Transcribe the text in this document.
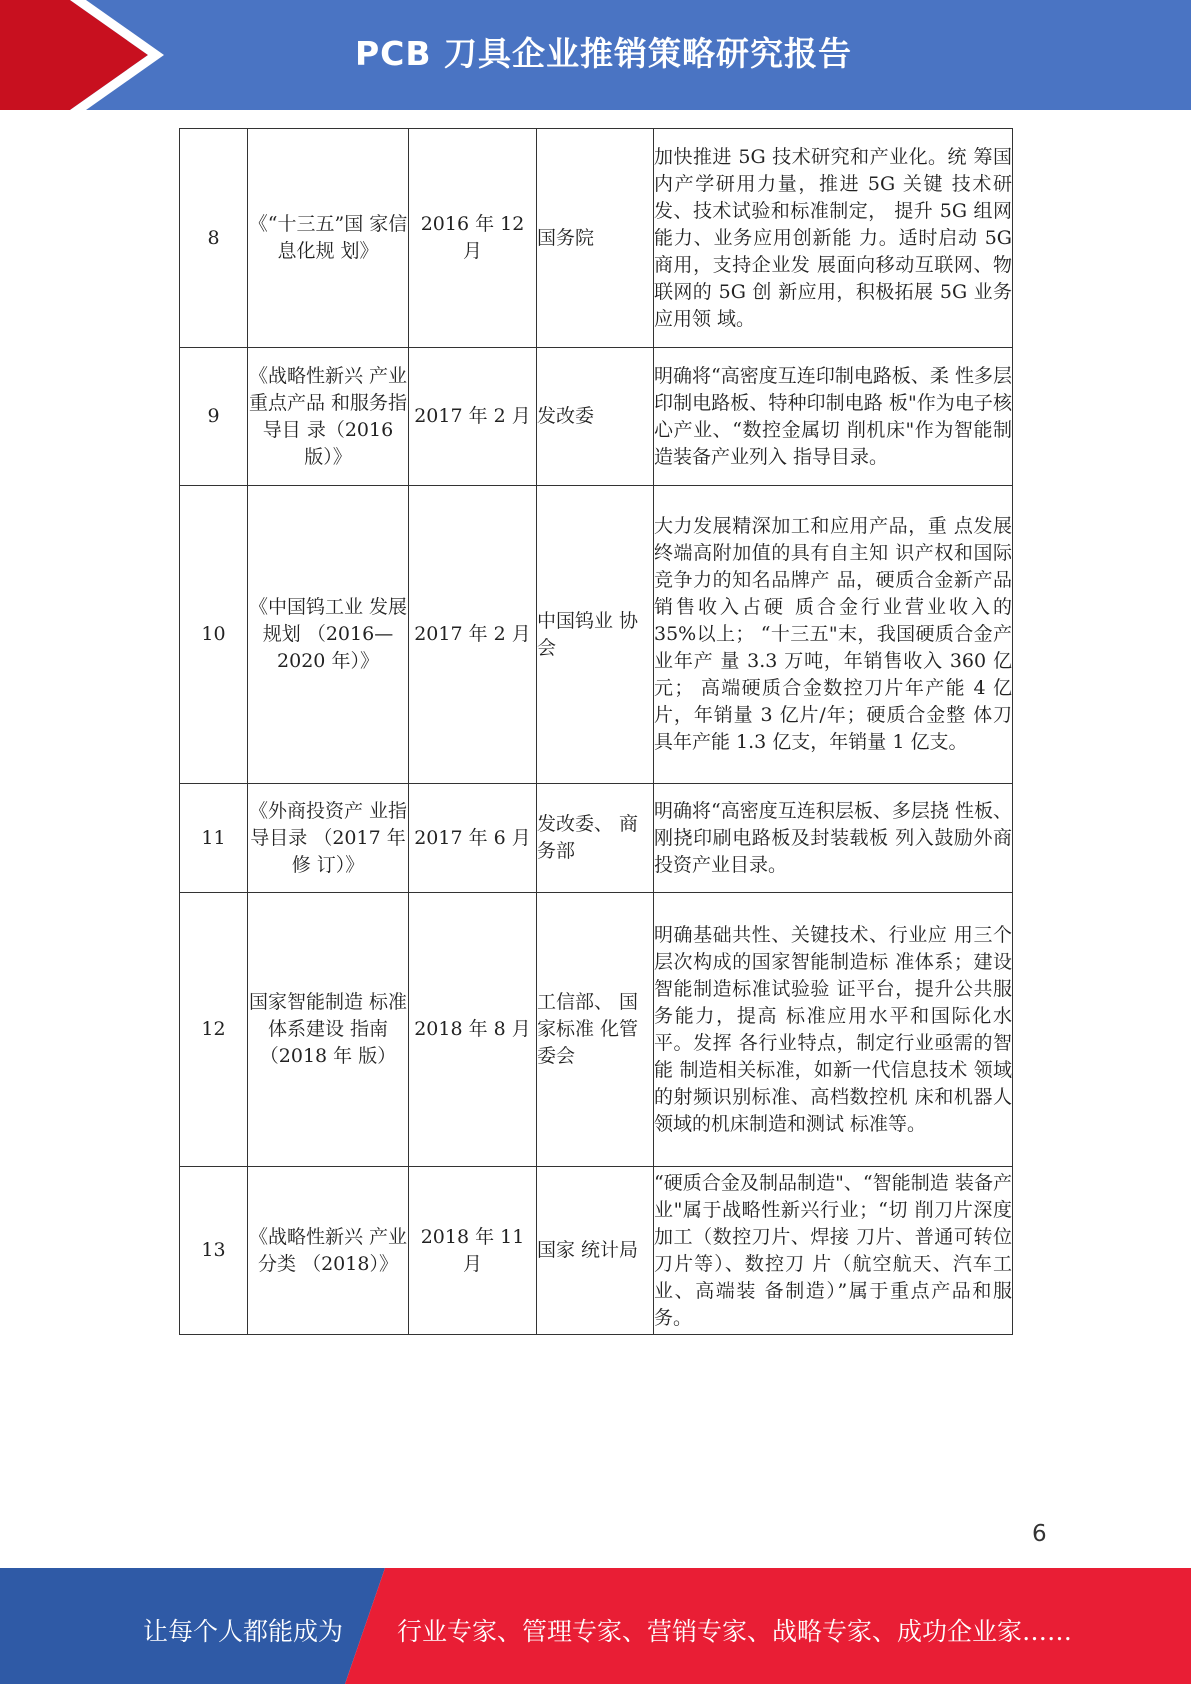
PCB 刀具企业推销策略研究报告
8	《“十三五”国 家信息化规 划》	2016 年 12 月	国务院	加快推进 5G 技术研究和产业化。统 筹国内产学研用力量，推进 5G 关键 技术研发、技术试验和标准制定， 提升 5G 组网能力、业务应用创新能 力。适时启动 5G 商用，支持企业发 展面向移动互联网、物联网的 5G 创 新应用，积极拓展 5G 业务应用领 域。
9	《战略性新兴 产业重点产品 和服务指导目 录（2016 版）》	2017 年 2 月	发改委	明确将“高密度互连印制电路板、柔 性多层印制电路板、特种印制电路 板"作为电子核心产业、“数控金属切 削机床"作为智能制造装备产业列入 指导目录。
10	《中国钨工业 发展规划 （2016—2020 年）》	2017 年 2 月	中国钨业 协会	大力发展精深加工和应用产品，重 点发展终端高附加值的具有自主知 识产权和国际竞争力的知名品牌产 品，硬质合金新产品销售收入占硬 质合金行业营业收入的 35%以上； “十三五"末，我国硬质合金产业年产 量 3.3 万吨，年销售收入 360 亿元； 高端硬质合金数控刀片年产能 4 亿 片，年销量 3 亿片/年；硬质合金整 体刀具年产能 1.3 亿支，年销量 1 亿支。
11	《外商投资产 业指导目录 （2017 年修 订）》	2017 年 6 月	发改委、 商务部	明确将“高密度互连积层板、多层挠 性板、刚挠印刷电路板及封装载板 列入鼓励外商投资产业目录。
12	国家智能制造 标准体系建设 指南（2018 年 版）	2018 年 8 月	工信部、 国家标准 化管委会	明确基础共性、关键技术、行业应 用三个层次构成的国家智能制造标 准体系；建设智能制造标准试验验 证平台，提升公共服务能力，提高 标准应用水平和国际化水平。发挥 各行业特点，制定行业亟需的智能 制造相关标准，如新一代信息技术 领域的射频识别标准、高档数控机 床和机器人领域的机床制造和测试 标准等。
13	《战略性新兴 产业分类 （2018）》	2018 年 11 月	国家 统计局	“硬质合金及制品制造"、“智能制造 装备产业"属于战略性新兴行业；“切 削刀片深度加工（数控刀片、焊接 刀片、普通可转位刀片等）、数控刀 片（航空航天、汽车工业、高端装 备制造）”属于重点产品和服务。
6
让每个人都能成为 行业专家、管理专家、营销专家、战略专家、成功企业家……
